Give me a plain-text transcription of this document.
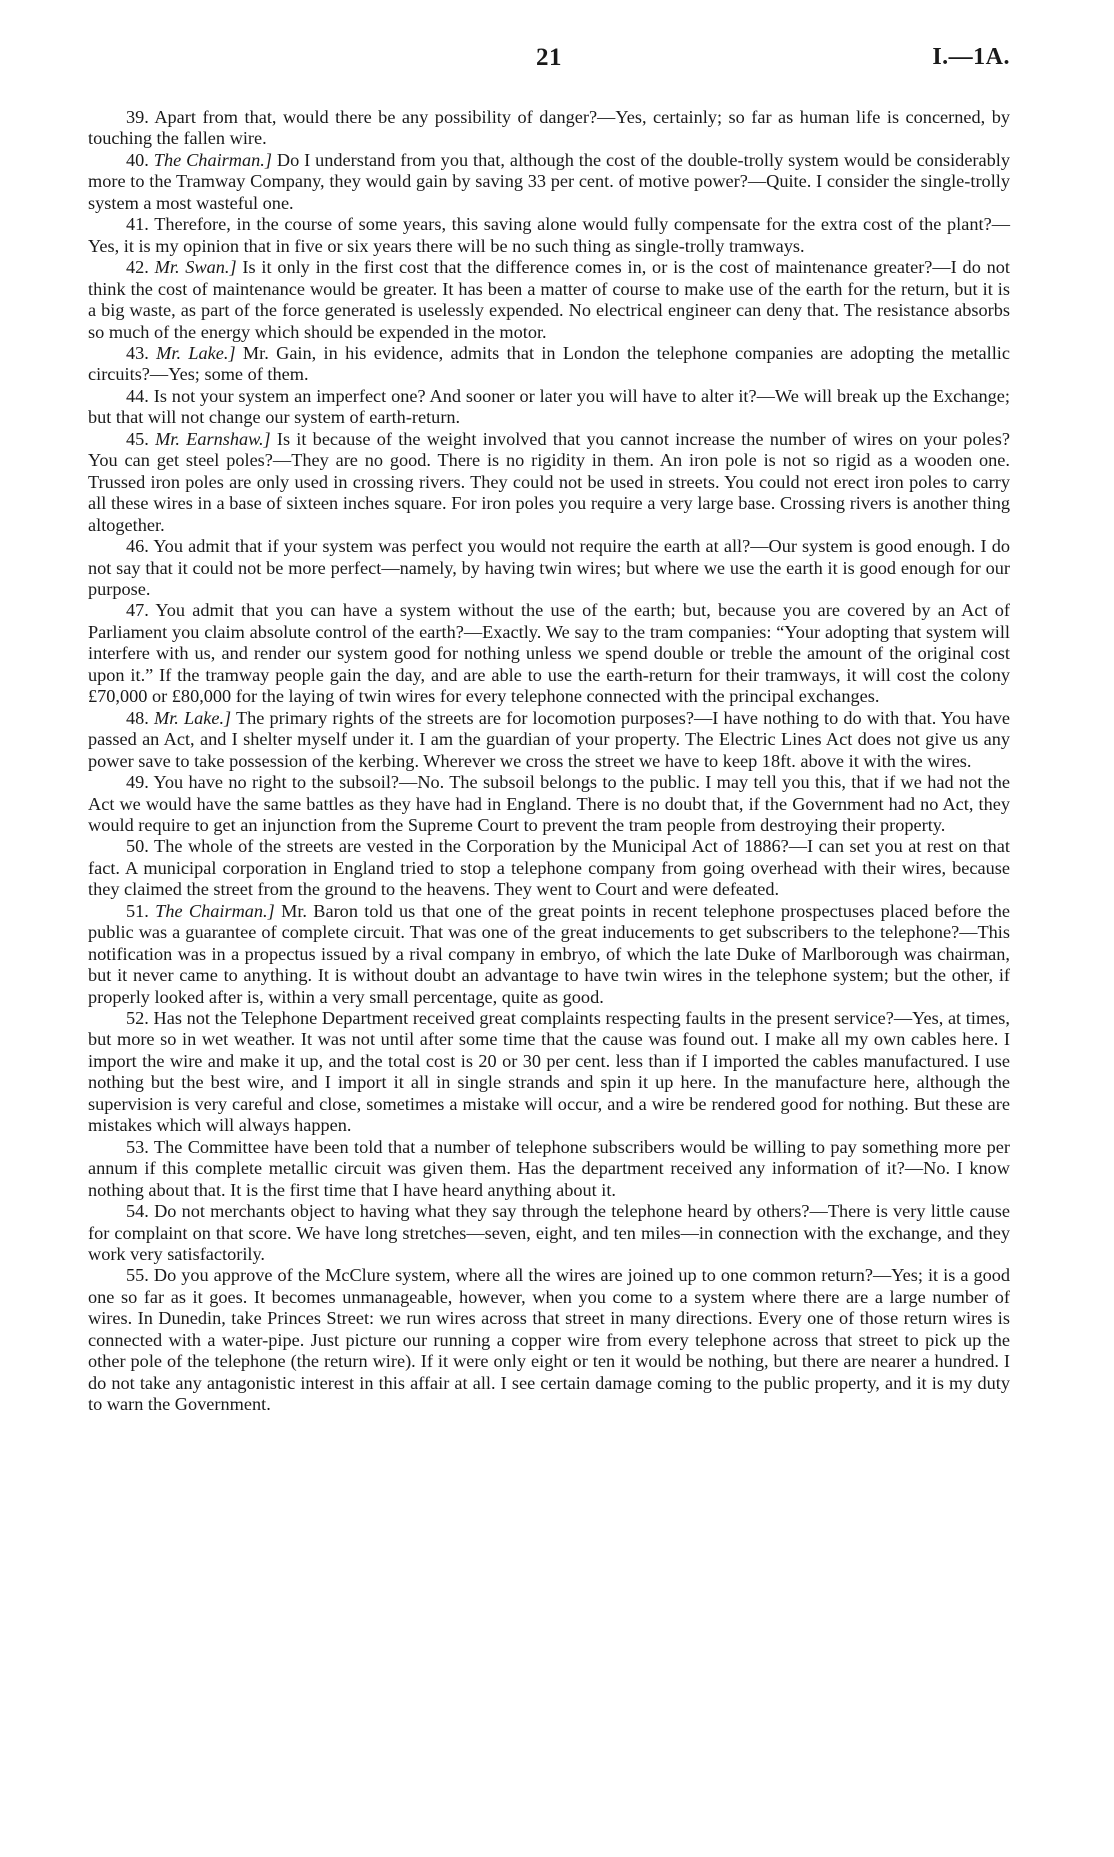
21	I.—1A.

39. Apart from that, would there be any possibility of danger?—Yes, certainly; so far as human life is concerned, by touching the fallen wire.

40. The Chairman.] Do I understand from you that, although the cost of the double-trolly system would be considerably more to the Tramway Company, they would gain by saving 33 per cent. of motive power?—Quite. I consider the single-trolly system a most wasteful one.

41. Therefore, in the course of some years, this saving alone would fully compensate for the extra cost of the plant?—Yes, it is my opinion that in five or six years there will be no such thing as single-trolly tramways.

42. Mr. Swan.] Is it only in the first cost that the difference comes in, or is the cost of maintenance greater?—I do not think the cost of maintenance would be greater. It has been a matter of course to make use of the earth for the return, but it is a big waste, as part of the force generated is uselessly expended. No electrical engineer can deny that. The resistance absorbs so much of the energy which should be expended in the motor.

43. Mr. Lake.] Mr. Gain, in his evidence, admits that in London the telephone companies are adopting the metallic circuits?—Yes; some of them.

44. Is not your system an imperfect one? And sooner or later you will have to alter it?—We will break up the Exchange; but that will not change our system of earth-return.

45. Mr. Earnshaw.] Is it because of the weight involved that you cannot increase the number of wires on your poles? You can get steel poles?—They are no good. There is no rigidity in them. An iron pole is not so rigid as a wooden one. Trussed iron poles are only used in crossing rivers. They could not be used in streets. You could not erect iron poles to carry all these wires in a base of sixteen inches square. For iron poles you require a very large base. Crossing rivers is another thing altogether.

46. You admit that if your system was perfect you would not require the earth at all?—Our system is good enough. I do not say that it could not be more perfect—namely, by having twin wires; but where we use the earth it is good enough for our purpose.

47. You admit that you can have a system without the use of the earth; but, because you are covered by an Act of Parliament you claim absolute control of the earth?—Exactly. We say to the tram companies: “Your adopting that system will interfere with us, and render our system good for nothing unless we spend double or treble the amount of the original cost upon it.” If the tramway people gain the day, and are able to use the earth-return for their tramways, it will cost the colony £70,000 or £80,000 for the laying of twin wires for every telephone connected with the principal exchanges.

48. Mr. Lake.] The primary rights of the streets are for locomotion purposes?—I have nothing to do with that. You have passed an Act, and I shelter myself under it. I am the guardian of your property. The Electric Lines Act does not give us any power save to take possession of the kerbing. Wherever we cross the street we have to keep 18ft. above it with the wires.

49. You have no right to the subsoil?—No. The subsoil belongs to the public. I may tell you this, that if we had not the Act we would have the same battles as they have had in England. There is no doubt that, if the Government had no Act, they would require to get an injunction from the Supreme Court to prevent the tram people from destroying their property.

50. The whole of the streets are vested in the Corporation by the Municipal Act of 1886?—I can set you at rest on that fact. A municipal corporation in England tried to stop a telephone company from going overhead with their wires, because they claimed the street from the ground to the heavens. They went to Court and were defeated.

51. The Chairman.] Mr. Baron told us that one of the great points in recent telephone prospectuses placed before the public was a guarantee of complete circuit. That was one of the great inducements to get subscribers to the telephone?—This notification was in a propectus issued by a rival company in embryo, of which the late Duke of Marlborough was chairman, but it never came to anything. It is without doubt an advantage to have twin wires in the telephone system; but the other, if properly looked after is, within a very small percentage, quite as good.

52. Has not the Telephone Department received great complaints respecting faults in the present service?—Yes, at times, but more so in wet weather. It was not until after some time that the cause was found out. I make all my own cables here. I import the wire and make it up, and the total cost is 20 or 30 per cent. less than if I imported the cables manufactured. I use nothing but the best wire, and I import it all in single strands and spin it up here. In the manufacture here, although the supervision is very careful and close, sometimes a mistake will occur, and a wire be rendered good for nothing. But these are mistakes which will always happen.

53. The Committee have been told that a number of telephone subscribers would be willing to pay something more per annum if this complete metallic circuit was given them. Has the department received any information of it?—No. I know nothing about that. It is the first time that I have heard anything about it.

54. Do not merchants object to having what they say through the telephone heard by others?—There is very little cause for complaint on that score. We have long stretches—seven, eight, and ten miles—in connection with the exchange, and they work very satisfactorily.

55. Do you approve of the McClure system, where all the wires are joined up to one common return?—Yes; it is a good one so far as it goes. It becomes unmanageable, however, when you come to a system where there are a large number of wires. In Dunedin, take Princes Street: we run wires across that street in many directions. Every one of those return wires is connected with a water-pipe. Just picture our running a copper wire from every telephone across that street to pick up the other pole of the telephone (the return wire). If it were only eight or ten it would be nothing, but there are nearer a hundred. I do not take any antagonistic interest in this affair at all. I see certain damage coming to the public property, and it is my duty to warn the Government.
